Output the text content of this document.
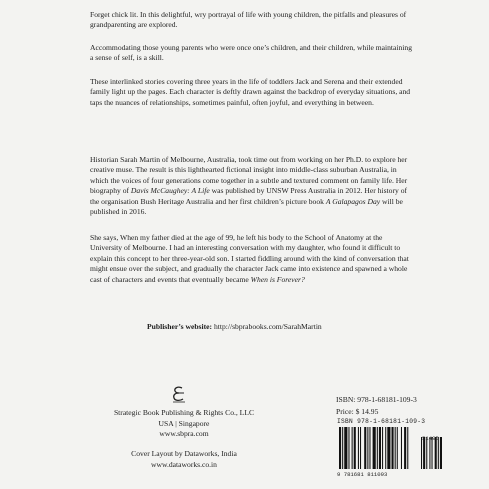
Forget chick lit. In this delightful, wry portrayal of life with young children, the pitfalls and pleasures of grandparenting are explored.

Accommodating those young parents who were once one’s children, and their children, while maintaining a sense of self, is a skill.

These interlinked stories covering three years in the life of toddlers Jack and Serena and their extended family light up the pages. Each character is deftly drawn against the backdrop of everyday situations, and taps the nuances of relationships, sometimes painful, often joyful, and everything in between.

Historian Sarah Martin of Melbourne, Australia, took time out from working on her Ph.D. to explore her creative muse. The result is this lighthearted fictional insight into middle-class suburban Australia, in which the voices of four generations come together in a subtle and textured comment on family life. Her biography of Davis McCaughey: A Life was published by UNSW Press Australia in 2012. Her history of the organisation Bush Heritage Australia and her first children’s picture book A Galapagos Day will be published in 2016.

She says, When my father died at the age of 99, he left his body to the School of Anatomy at the University of Melbourne. I had an interesting conversation with my daughter, who found it difficult to explain this concept to her three-year-old son. I started fiddling around with the kind of conversation that might ensue over the subject, and gradually the character Jack came into existence and spawned a whole cast of characters and events that eventually became When is Forever?

Publisher’s website: http://sbprabooks.com/SarahMartin

Strategic Book Publishing & Rights Co., LLC
USA | Singapore
www.sbpra.com
Cover Layout by Dataworks, India
www.dataworks.co.in
ISBN: 978-1-68181-109-3
Price: $ 14.95
ISBN 978-1-68181-109-3
51495
9 781681 811093
